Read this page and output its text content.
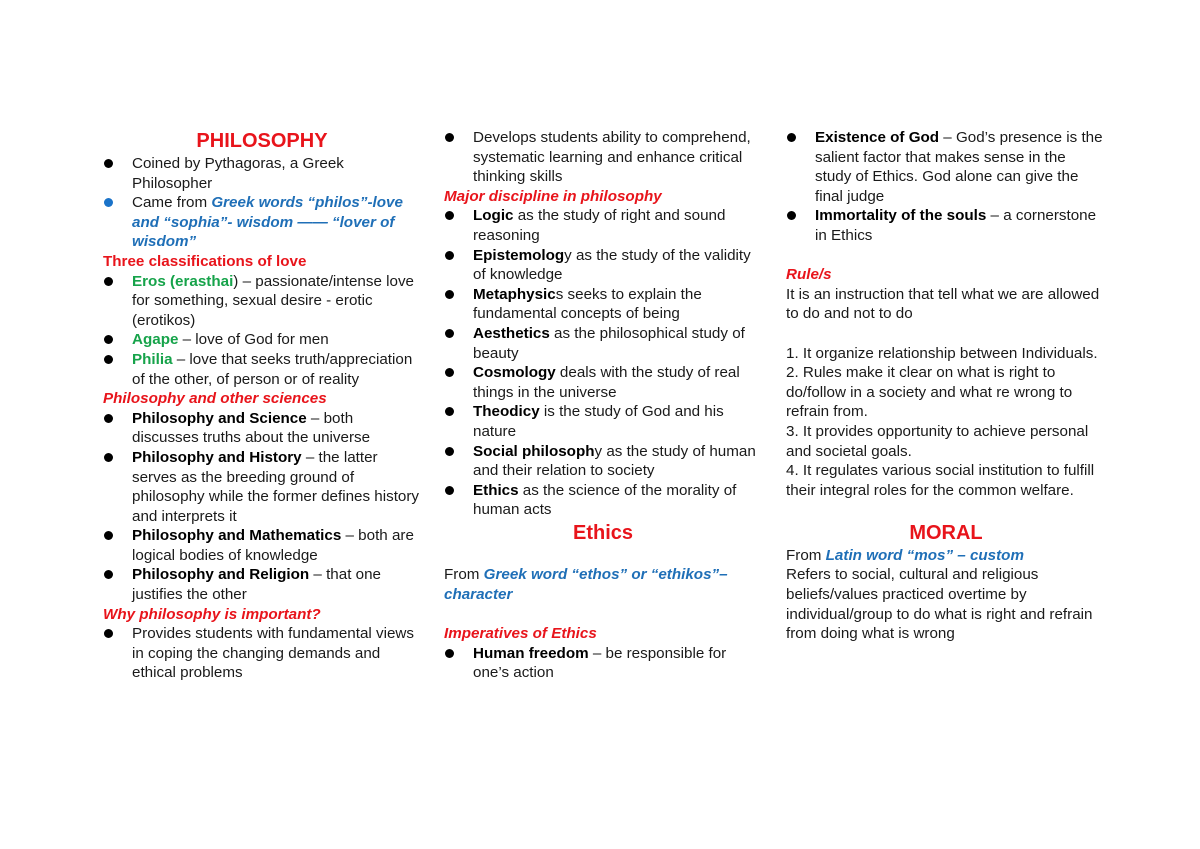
PHILOSOPHY

Coined by Pythagoras, a Greek Philosopher
Came from Greek words “philos”-love and “sophia”- wisdom —— “lover of wisdom”

Three classifications of love

Eros (erasthai) – passionate/intense love for something, sexual desire - erotic (erotikos)
Agape – love of God for men
Philia – love that seeks truth/appreciation of the other, of person or of reality

Philosophy and other sciences

Philosophy and Science – both discusses truths about the universe
Philosophy and History – the latter serves as the breeding ground of philosophy while the former defines history and interprets it
Philosophy and Mathematics – both are logical bodies of knowledge
Philosophy and Religion – that one justifies the other

Why philosophy is important?

Provides students with fundamental views in coping the changing demands and ethical problems
Develops students ability to comprehend, systematic learning and enhance critical thinking skills

Major discipline in philosophy

Logic as the study of right and sound reasoning
Epistemology as the study of the validity of knowledge
Metaphysics seeks to explain the fundamental concepts of being
Aesthetics as the philosophical study of beauty
Cosmology deals with the study of real things in the universe
Theodicy is the study of God and his nature
Social philosophy as the study of human and their relation to society
Ethics as the science of the morality of human acts

Ethics

From Greek word “ethos” or “ethikos”–character

Imperatives of Ethics

Human freedom – be responsible for one’s action
Existence of God – God’s presence is the salient factor that makes sense in the study of Ethics. God alone can give the final judge
Immortality of the souls – a cornerstone in Ethics

Rule/s

It is an instruction that tell what we are allowed to do and not to do

1. It organize relationship between Individuals.

2. Rules make it clear on what is right to do/follow in a society and what re wrong to refrain from.

3. It provides opportunity to achieve personal and societal goals.

4. It regulates various social institution to fulfill their integral roles for the common welfare.

MORAL

From Latin word “mos” – custom

Refers to social, cultural and religious beliefs/values practiced overtime by individual/group to do what is right and refrain from doing what is wrong
